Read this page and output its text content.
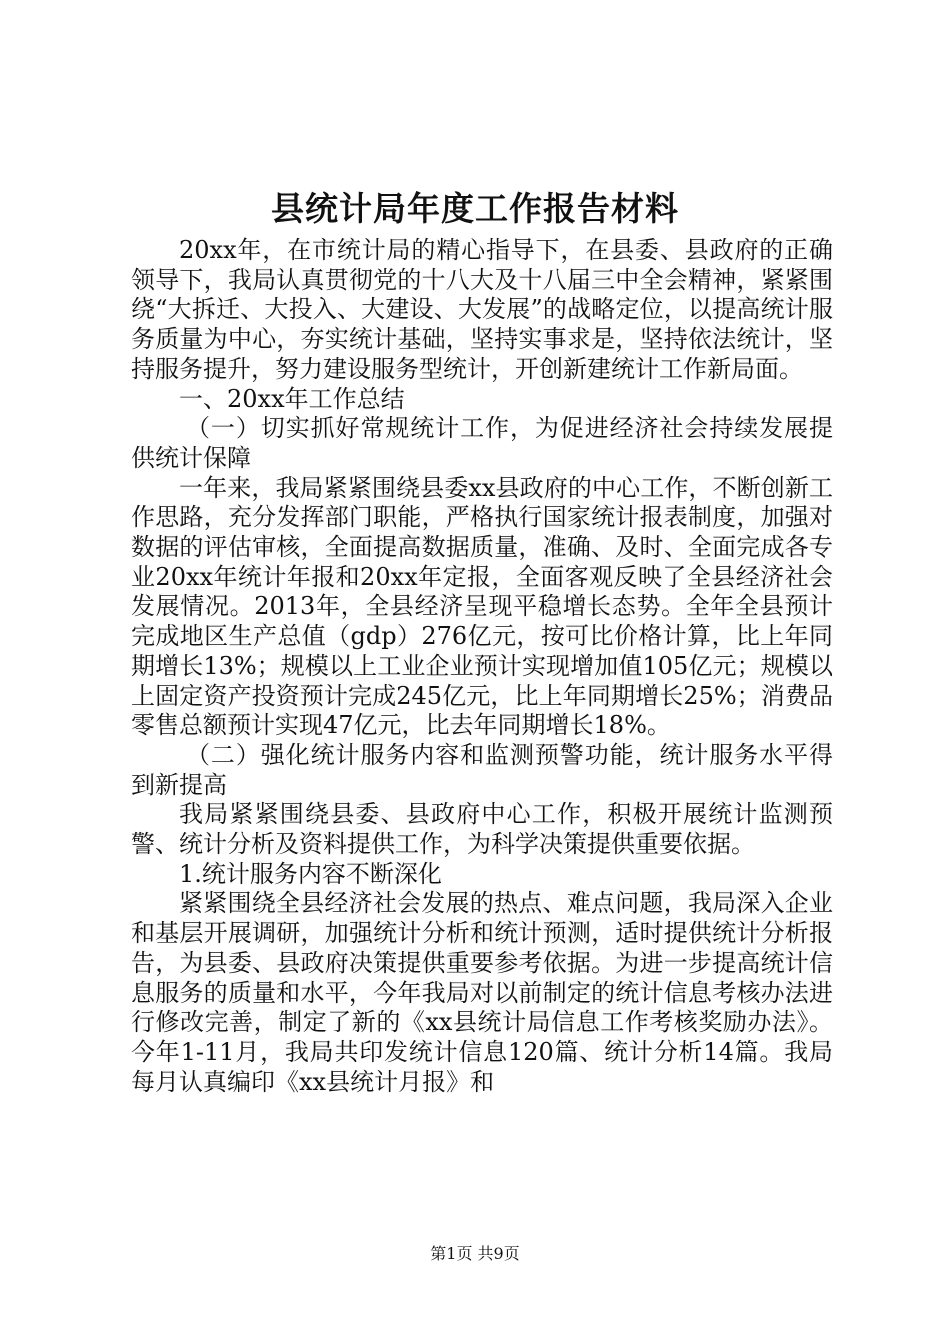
县统计局年度工作报告材料

20xx年，在市统计局的精心指导下，在县委、县政府的正确领导下，我局认真贯彻党的十八大及十八届三中全会精神，紧紧围绕“大拆迁、大投入、大建设、大发展”的战略定位，以提高统计服务质量为中心，夯实统计基础，坚持实事求是，坚持依法统计，坚持服务提升，努力建设服务型统计，开创新建统计工作新局面。

一、20xx年工作总结

（一）切实抓好常规统计工作，为促进经济社会持续发展提供统计保障

一年来，我局紧紧围绕县委xx县政府的中心工作，不断创新工作思路，充分发挥部门职能，严格执行国家统计报表制度，加强对数据的评估审核，全面提高数据质量，准确、及时、全面完成各专业20xx年统计年报和20xx年定报，全面客观反映了全县经济社会发展情况。2013年，全县经济呈现平稳增长态势。全年全县预计完成地区生产总值（gdp）276亿元，按可比价格计算，比上年同期增长13%；规模以上工业企业预计实现增加值105亿元；规模以上固定资产投资预计完成245亿元，比上年同期增长25%；消费品零售总额预计实现47亿元，比去年同期增长18%。

（二）强化统计服务内容和监测预警功能，统计服务水平得到新提高

我局紧紧围绕县委、县政府中心工作，积极开展统计监测预警、统计分析及资料提供工作，为科学决策提供重要依据。

1.统计服务内容不断深化

紧紧围绕全县经济社会发展的热点、难点问题，我局深入企业和基层开展调研，加强统计分析和统计预测，适时提供统计分析报告，为县委、县政府决策提供重要参考依据。为进一步提高统计信息服务的质量和水平，今年我局对以前制定的统计信息考核办法进行修改完善，制定了新的《xx县统计局信息工作考核奖励办法》。今年1-11月，我局共印发统计信息120篇、统计分析14篇。我局每月认真编印《xx县统计月报》和

第1页 共9页
